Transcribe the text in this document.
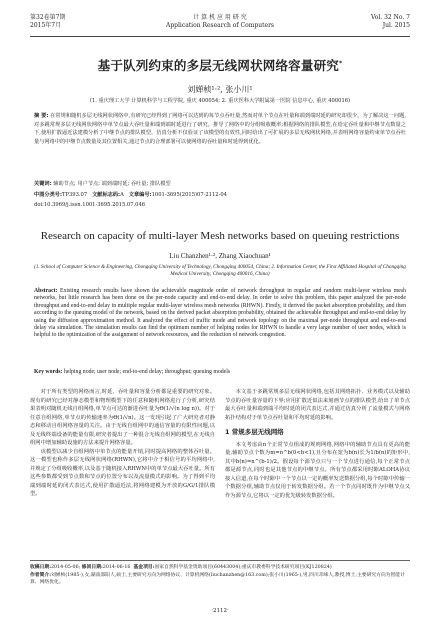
第32卷第7期
2015年7月
计 算 机 应 用 研 究
Application Research of Computers
Vol. 32 No. 7
Jul. 2015
基于队列约束的多层无线网状网络容量研究*
刘婵桢¹·², 张小川¹
(1. 重庆理工大学 计算机科学与工程学院, 重庆 400054; 2. 重庆医科大学附属第一医院 信息中心, 重庆 400016)
摘 要: 在常规和随机多层无线网状网络中,有研究已经得到了网络可以达到的每节点吞吐量,然而对单个节点在吐量和端到端时延的研究却很少。为了解决这一问题,对多跳常规多层无线网状网络中单节点最大吞吐量和端到端时延进行了研究。推导了网络中的分组吸收概率;根据网络的排队模型,在给定吞吐量和中继节点数量之下,使用扩散逼近法建模分析了中继节点的排队模型。仿真分析不仅验证了该模型的有效性,同时给出了可扩展的多层无线网状网络,并表明网络容量约束单节点吞吐量与网络中的中继节点数量及其位置相关,通过节点的合理部署可以使网络的吞吐量和时延得到优化。
关键词: 辅助节点; 用户节点; 端到端时延; 吞吐量; 排队模型
中图分类号:TP393.07 文献标志码:A 文章编号:1001-3695(2015)07-2112-04
doi:10.3969/j.issn.1001-3695.2015.07.046
Research on capacity of multi-layer Mesh networks based on queuing restrictions
Liu Chanzhen¹·², Zhang Xiaochuan¹
(1. School of Computer Science & Engineering, Chongqing University of Technology, Chongqing 400054, China; 2. Information Center, the First Affiliated Hospital of Chongqing Medical University, Chongqing 400016, China)
Abstract: Existing research results have shown the achievable magnitude order of network throughput in regular and random multi-layer wireless mesh networks, but little research has been done on the per-node capacity and end-to-end delay. In order to solve this problem, this paper analyzed the per-node throughput and end-to-end delay in multiple regular multi-layer wireless mesh networks (RHWN). Firstly, it derived the packet absorption probability, and then according to the queuing model of the network, based on the derived packet absorption probability, obtained the achievable throughput and end-to-end delay by using the diffusion approximation method. It analyzed the effect of traffic mode and network topology on the maximal per-node throughput and end-to-end delay via simulation. The simulation results can find the optimum number of helping nodes for RHWN to handle a very large number of user nodes, which is helpful to the optimization of the assignment of network resources, and the reduction of network congestion.
Key words: helping node; user node; end-to-end delay; throughput; queuing models

对于所有类型的网络而言,时延、吞吐量和容量分析都是重要的研究对象。现有的研究已经对静态模型和物理模型下的任意和随机网络进行了分析,研究结果表明对随机无线自组网络,单节点可达的渐进吞吐量为Θ(1/√(n log n))。对于任意自组网络,单节点的传输速率为Θ(1/√n)。这一发现引起了广大研究者对静态和移动自组网络容量的关注。由于无线自组网中的通信容量的有限性问题,以及无线终端设备的能量有限,研究者提出了一种混合无线自组网的模型,在无线自组网中增加辅助设施的方法来提升网络容量。

该模型以减少自组网络中单节点的能量开销,同时提高网络的整体吞吐量。这一模型也称作多层无线网状网络(RHWN),它将中介于相信号的平均网络中,并规定了分组吸收概率,以及基于随机接入RHWN中的单节点最大吞吐量。所有这些参数都受到节点数和节点的位置分布以及流量模式的影响。为了得到平均端到端时延的闭式表达式,使用扩散逼近法,将网络建模为开放的G/G/1排队模型。

本文基于多跳常规多层无线网状网络,包括其网络拓扑、业务模式以及辅助节点的吞吐量容量的下界;应用扩散近似法来刻画节点的排队模型,给出了单节点最大吞吐量和端到端平均时延的闭式表达式,并通过仿真分析了流量模式与网络拓扑结构对于单节点吞吐量和平均时延的影响。

1 常规多层无线网络

本文考虑由n个正常节点组成的规则网络,网络中的辅助节点具有更高的能量,辅助节点个数为m=n^b(0<b<1),且分布在宽为b(n)长为1/b(n)的矩形中,其中b(n)=n^(b-1)/2。假设每个源节点只与一个节点进行通信,每个正常节点都是源节点,同时也是其他节点的中继节点。所有节点都采用时隙ALOHA协议接入信道,在每个时隙中一个节点以一定的概率发送数据分组,每个时隙中传输一个数据分组,辅助节点仅用于转发数据分组。若一个节点同时既作为中继节点又作为源节点,它将以一定的优先级转发数据分组。

收稿日期:2014-05-06; 修回日期:2014-06-16 基金项目:国家自然科学基金资助项目(60443004);重庆市教委科学技术研究项目(KJ120824)
作者简介:刘婵桢(1985-),女,湖南邵阳人,硕士,主要研究方向为网络协议、计算机网络(liuchanzhen@163.com);张小川(1965-),男,四川邛崃人,教授,博士,主要研究方向为智能计算、网络优化。
·2112·
